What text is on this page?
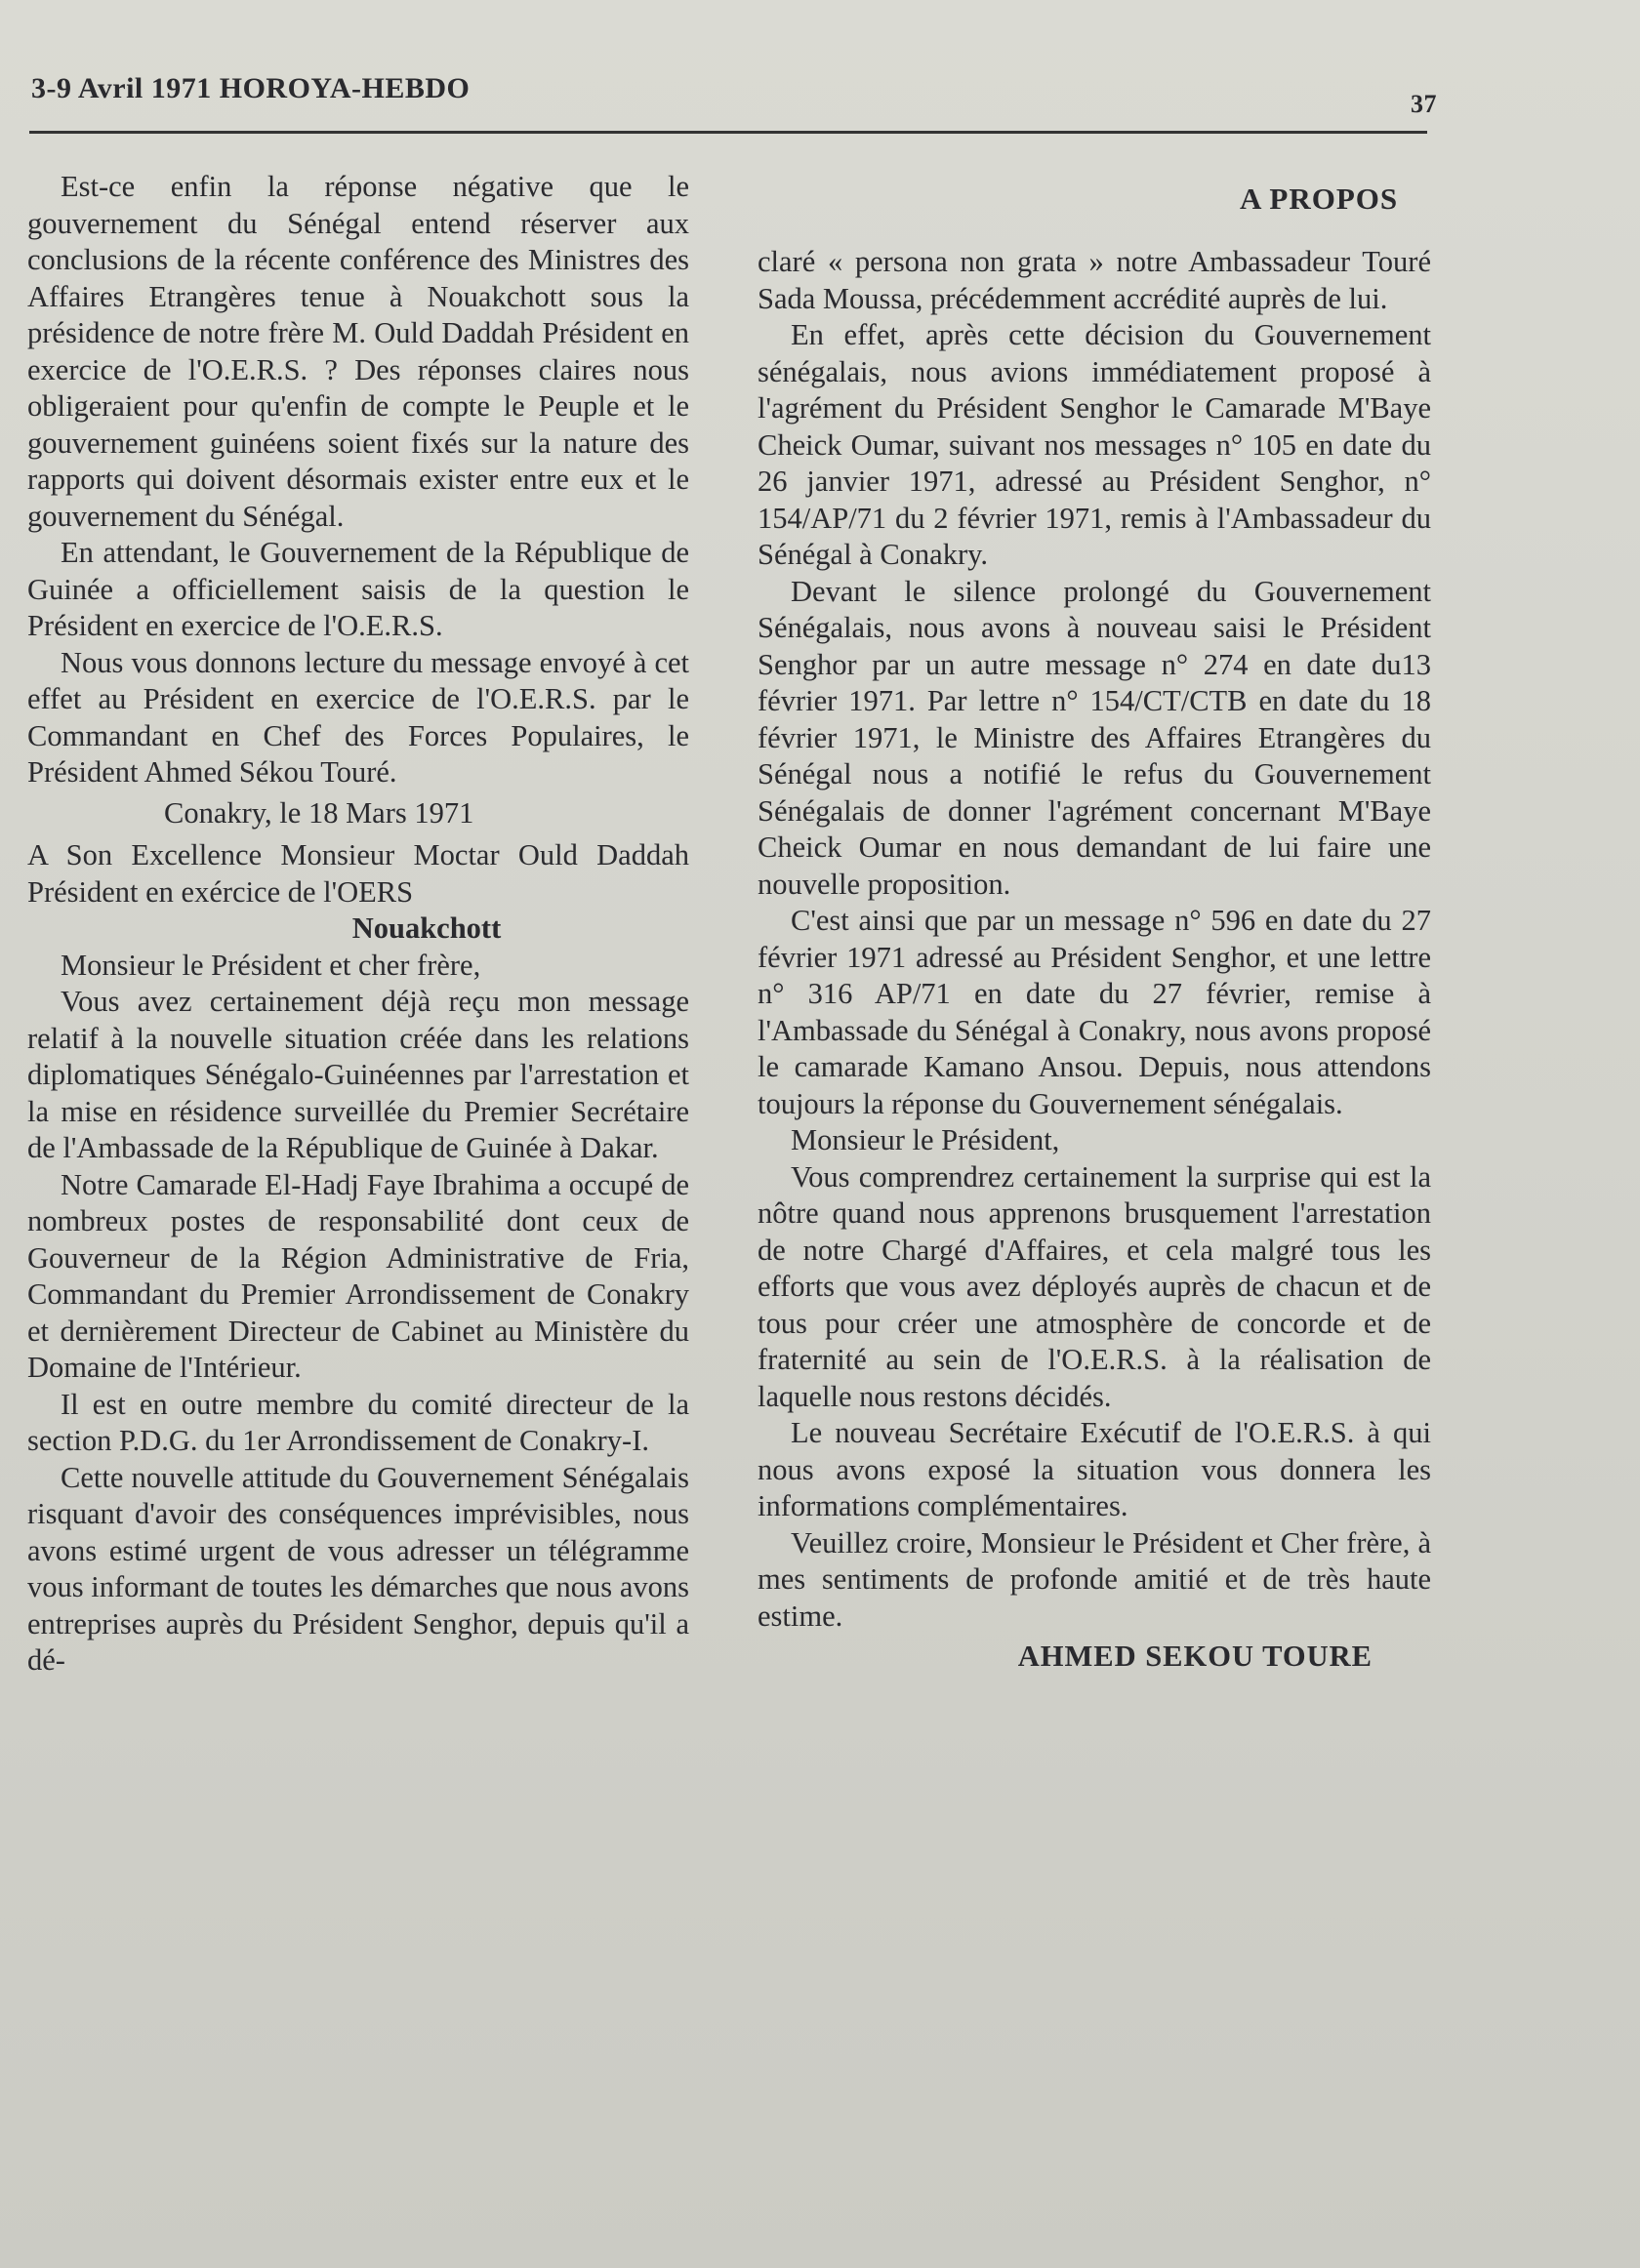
3-9 Avril 1971 HOROYA-HEBDO	37

Est-ce enfin la réponse négative que le gouvernement du Sénégal entend réserver aux conclusions de la récente conférence des Ministres des Affaires Etrangères tenue à Nouakchott sous la présidence de notre frère M. Ould Daddah Président en exercice de l'O.E.R.S. ? Des réponses claires nous obligeraient pour qu'enfin de compte le Peuple et le gouvernement guinéens soient fixés sur la nature des rapports qui doivent désormais exister entre eux et le gouvernement du Sénégal.

En attendant, le Gouvernement de la République de Guinée a officiellement saisis de la question le Président en exercice de l'O.E.R.S.

Nous vous donnons lecture du message envoyé à cet effet au Président en exercice de l'O.E.R.S. par le Commandant en Chef des Forces Populaires, le Président Ahmed Sékou Touré.

Conakry, le 18 Mars 1971

A Son Excellence Monsieur Moctar Ould Daddah Président en exércice de l'OERS

Nouakchott

Monsieur le Président et cher frère,

Vous avez certainement déjà reçu mon message relatif à la nouvelle situation créée dans les relations diplomatiques Sénégalo-Guinéennes par l'arrestation et la mise en résidence surveillée du Premier Secrétaire de l'Ambassade de la République de Guinée à Dakar.

Notre Camarade El-Hadj Faye Ibrahima a occupé de nombreux postes de responsabilité dont ceux de Gouverneur de la Région Administrative de Fria, Commandant du Premier Arrondissement de Conakry et dernièrement Directeur de Cabinet au Ministère du Domaine de l'Intérieur.

Il est en outre membre du comité directeur de la section P.D.G. du 1er Arrondissement de Conakry-I.

Cette nouvelle attitude du Gouvernement Sénégalais risquant d'avoir des conséquences imprévisibles, nous avons estimé urgent de vous adresser un télégramme vous informant de toutes les démarches que nous avons entreprises auprès du Président Senghor, depuis qu'il a dé-

A PROPOS

claré « persona non grata » notre Ambassadeur Touré Sada Moussa, précédemment accrédité auprès de lui.

En effet, après cette décision du Gouvernement sénégalais, nous avions immédiatement proposé à l'agrément du Président Senghor le Camarade M'Baye Cheick Oumar, suivant nos messages n° 105 en date du 26 janvier 1971, adressé au Président Senghor, n° 154/AP/71 du 2 février 1971, remis à l'Ambassadeur du Sénégal à Conakry.

Devant le silence prolongé du Gouvernement Sénégalais, nous avons à nouveau saisi le Président Senghor par un autre message n° 274 en date du13 février 1971. Par lettre n° 154/CT/CTB en date du 18 février 1971, le Ministre des Affaires Etrangères du Sénégal nous a notifié le refus du Gouvernement Sénégalais de donner l'agrément concernant M'Baye Cheick Oumar en nous demandant de lui faire une nouvelle proposition.

C'est ainsi que par un message n° 596 en date du 27 février 1971 adressé au Président Senghor, et une lettre n° 316 AP/71 en date du 27 février, remise à l'Ambassade du Sénégal à Conakry, nous avons proposé le camarade Kamano Ansou. Depuis, nous attendons toujours la réponse du Gouvernement sénégalais.

Monsieur le Président,

Vous comprendrez certainement la surprise qui est la nôtre quand nous apprenons brusquement l'arrestation de notre Chargé d'Affaires, et cela malgré tous les efforts que vous avez déployés auprès de chacun et de tous pour créer une atmosphère de concorde et de fraternité au sein de l'O.E.R.S. à la réalisation de laquelle nous restons décidés.

Le nouveau Secrétaire Exécutif de l'O.E.R.S. à qui nous avons exposé la situation vous donnera les informations complémentaires.

Veuillez croire, Monsieur le Président et Cher frère, à mes sentiments de profonde amitié et de très haute estime.

AHMED SEKOU TOURE
